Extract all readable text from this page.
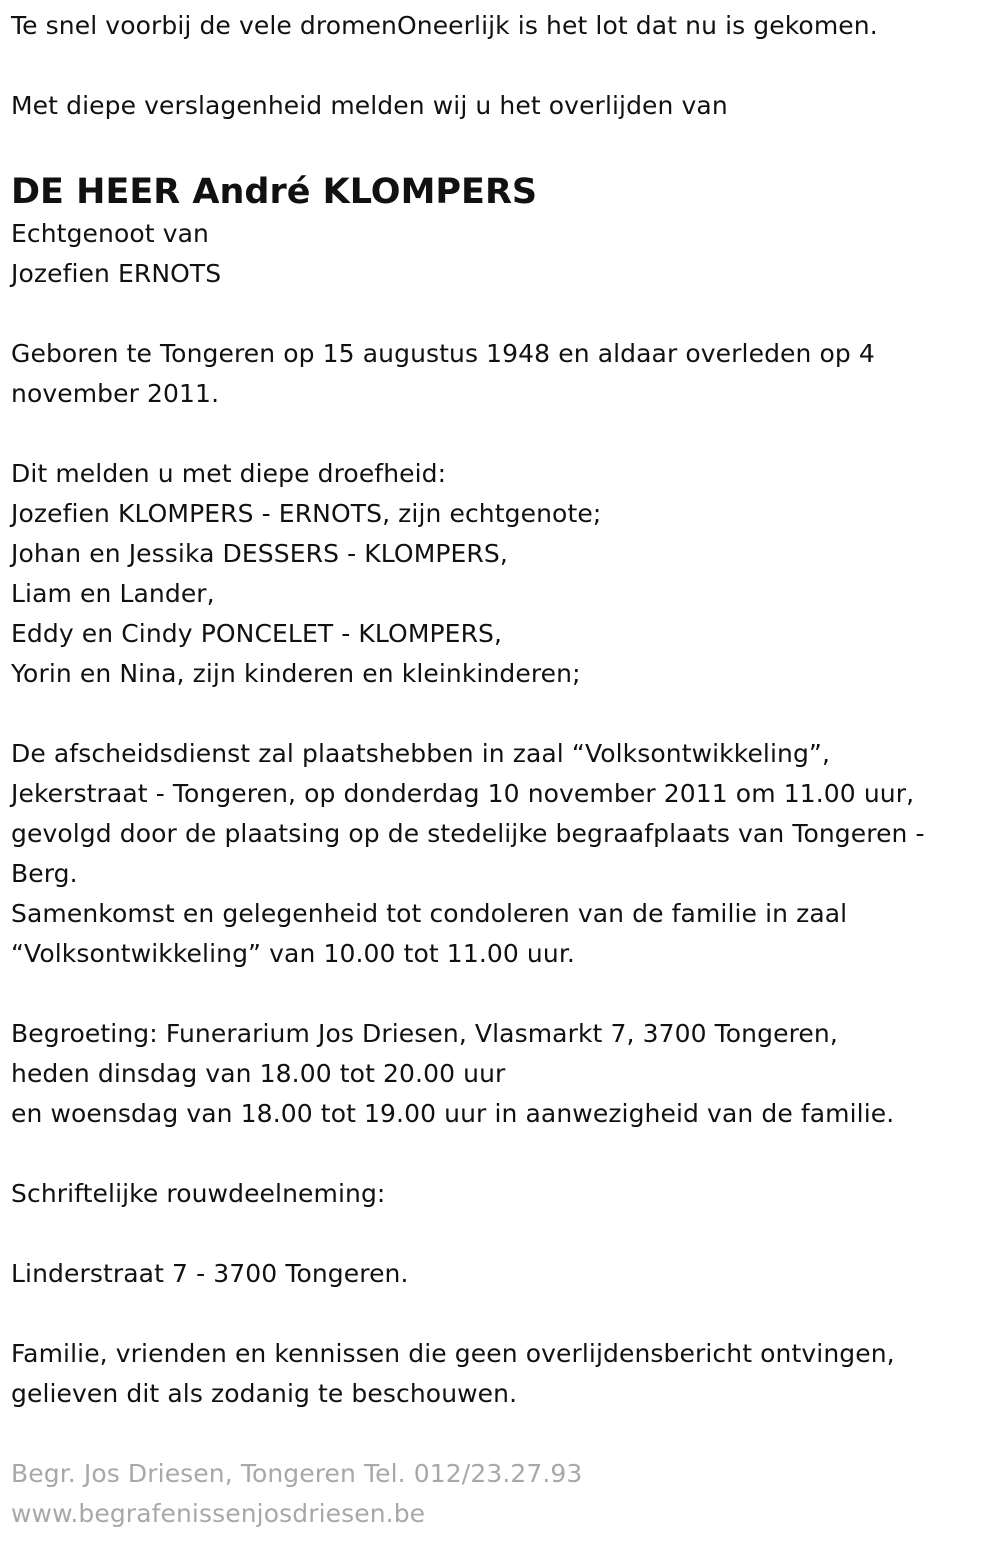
Te snel voorbij de vele dromenOneerlijk is het lot dat nu is gekomen.
Met diepe verslagenheid melden wij u het overlijden van
DE HEER André KLOMPERS
Echtgenoot van
Jozefien ERNOTS
Geboren te Tongeren op 15 augustus 1948 en aldaar overleden op 4
november 2011.
Dit melden u met diepe droefheid:
Jozefien KLOMPERS - ERNOTS, zijn echtgenote;
Johan en Jessika DESSERS - KLOMPERS,
Liam en Lander,
Eddy en Cindy PONCELET - KLOMPERS,
Yorin en Nina, zijn kinderen en kleinkinderen;
De afscheidsdienst zal plaatshebben in zaal “Volksontwikkeling”,
Jekerstraat - Tongeren, op donderdag 10 november 2011 om 11.00 uur,
gevolgd door de plaatsing op de stedelijke begraafplaats van Tongeren -
Berg.
Samenkomst en gelegenheid tot condoleren van de familie in zaal
“Volksontwikkeling” van 10.00 tot 11.00 uur.
Begroeting: Funerarium Jos Driesen, Vlasmarkt 7, 3700 Tongeren,
heden dinsdag van 18.00 tot 20.00 uur
en woensdag van 18.00 tot 19.00 uur in aanwezigheid van de familie.
Schriftelijke rouwdeelneming:
Linderstraat 7 - 3700 Tongeren.
Familie, vrienden en kennissen die geen overlijdensbericht ontvingen,
gelieven dit als zodanig te beschouwen.
Begr. Jos Driesen, Tongeren Tel. 012/23.27.93
www.begrafenissenjosdriesen.be
